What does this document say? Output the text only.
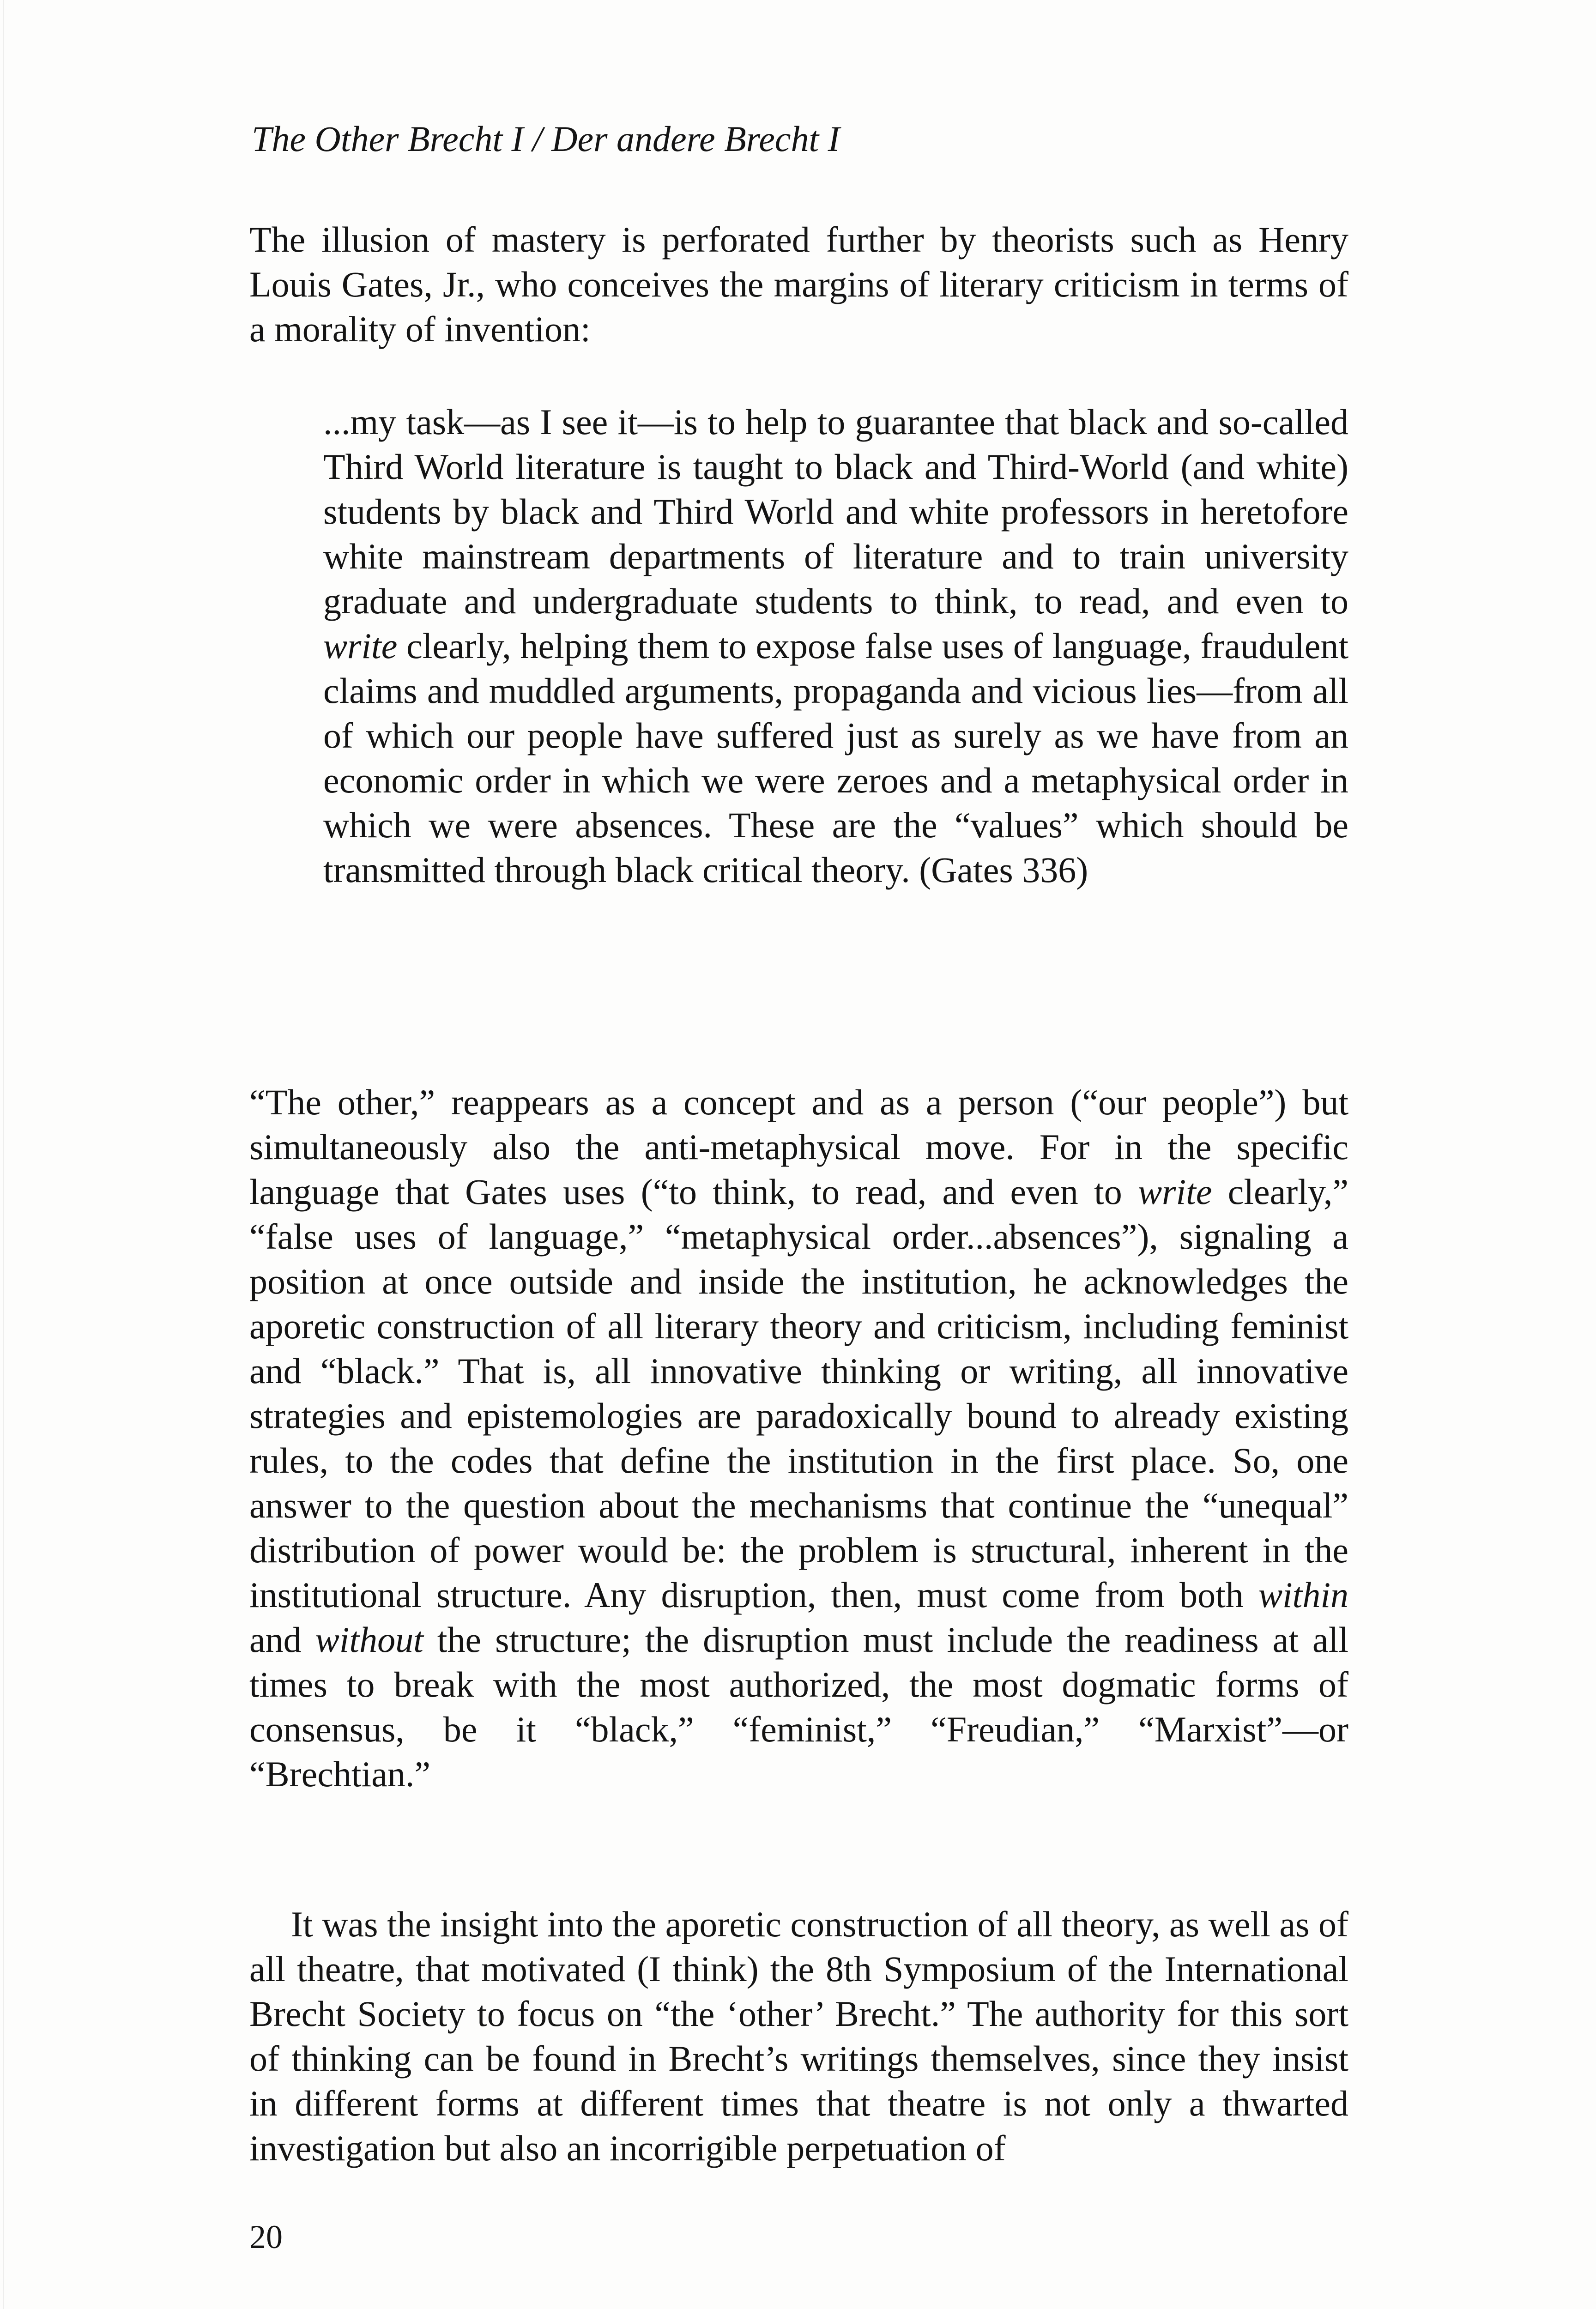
The Other Brecht I / Der andere Brecht I

The illusion of mastery is perforated further by theorists such as Henry Louis Gates, Jr., who conceives the margins of literary criticism in terms of a morality of invention:

...my task—as I see it—is to help to guarantee that black and so-called Third World literature is taught to black and Third-World (and white) students by black and Third World and white professors in heretofore white mainstream departments of literature and to train university graduate and undergraduate students to think, to read, and even to write clearly, helping them to expose false uses of language, fraudulent claims and muddled arguments, propaganda and vicious lies—from all of which our people have suffered just as surely as we have from an economic order in which we were zeroes and a metaphysical order in which we were absences. These are the “values” which should be transmitted through black critical theory. (Gates 336)

“The other,” reappears as a concept and as a person (“our people”) but simultaneously also the anti-metaphysical move. For in the specific language that Gates uses (“to think, to read, and even to write clearly,” “false uses of language,” “metaphysical order...absences”), signaling a position at once outside and inside the institution, he acknowledges the aporetic construction of all literary theory and criticism, including feminist and “black.” That is, all innovative thinking or writing, all innovative strategies and epistemologies are paradoxically bound to already existing rules, to the codes that define the institution in the first place. So, one answer to the question about the mechanisms that continue the “unequal” distribution of power would be: the problem is structural, inherent in the institutional structure. Any disruption, then, must come from both within and without the structure; the disruption must include the readiness at all times to break with the most authorized, the most dogmatic forms of consensus, be it “black,” “feminist,” “Freudian,” “Marxist”—or “Brechtian.”

It was the insight into the aporetic construction of all theory, as well as of all theatre, that motivated (I think) the 8th Symposium of the International Brecht Society to focus on “the ‘other’ Brecht.” The authority for this sort of thinking can be found in Brecht’s writings themselves, since they insist in different forms at different times that theatre is not only a thwarted investigation but also an incorrigible perpetuation of

20
